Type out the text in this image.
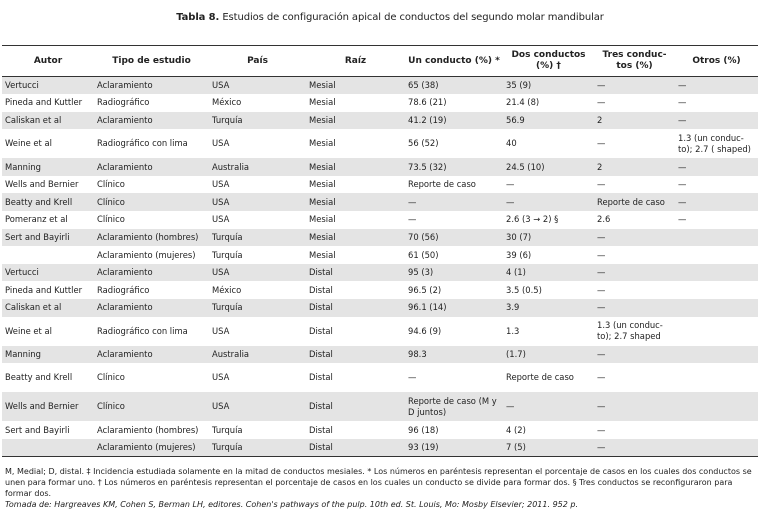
Tabla 8. Estudios de configuración apical de conductos del segundo molar mandibular
Autor	Tipo de estudio	País	Raíz	Un conducto (%) *	Dos conductos (%) †	Tres conduc-tos (%)	Otros (%)
Vertucci	Aclaramiento	USA	Mesial	65 (38)	35 (9)	—	—
Pineda and Kuttler	Radiográfico	México	Mesial	78.6 (21)	21.4 (8)	—	—
Caliskan et al	Aclaramiento	Turquía	Mesial	41.2 (19)	56.9	2	—
Weine et al	Radiográfico con lima	USA	Mesial	56 (52)	40	—	1.3 (un conduc-to); 2.7 ( shaped)
Manning	Aclaramiento	Australia	Mesial	73.5 (32)	24.5 (10)	2	—
Wells and Bernier	Clínico	USA	Mesial	Reporte de caso	—	—	—
Beatty and Krell	Clínico	USA	Mesial	—	—	Reporte de caso	—
Pomeranz et al	Clínico	USA	Mesial	—	2.6 (3 → 2) §	2.6	—
Sert and Bayirli	Aclaramiento (hombres)	Turquía	Mesial	70 (56)	30 (7)	—	
	Aclaramiento (mujeres)	Turquía	Mesial	61 (50)	39 (6)	—	
Vertucci	Aclaramiento	USA	Distal	95 (3)	4 (1)	—	
Pineda and Kuttler	Radiográfico	México	Distal	96.5 (2)	3.5 (0.5)	—	
Caliskan et al	Aclaramiento	Turquía	Distal	96.1 (14)	3.9	—	
Weine et al	Radiográfico con lima	USA	Distal	94.6 (9)	1.3	1.3 (un conduc-to); 2.7 shaped	
Manning	Aclaramiento	Australia	Distal	98.3	(1.7)	—	
Beatty and Krell	Clínico	USA	Distal	—	Reporte de caso	—	
Wells and Bernier	Clínico	USA	Distal	Reporte de caso (M y D juntos)	—	—	
Sert and Bayirli	Aclaramiento (hombres)	Turquía	Distal	96 (18)	4 (2)	—	
	Aclaramiento (mujeres)	Turquía	Distal	93 (19)	7 (5)	—	

M, Medial; D, distal. ‡ Incidencia estudiada solamente en la mitad de conductos mesiales. * Los números en paréntesis representan el porcentaje de casos en los cuales dos conductos se unen para formar uno. † Los números en paréntesis representan el porcentaje de casos en los cuales un conducto se divide para formar dos. § Tres conductos se reconfiguraron para formar dos.

Tomada de: Hargreaves KM, Cohen S, Berman LH, editores. Cohen's pathways of the pulp. 10th ed. St. Louis, Mo: Mosby Elsevier; 2011. 952 p.
